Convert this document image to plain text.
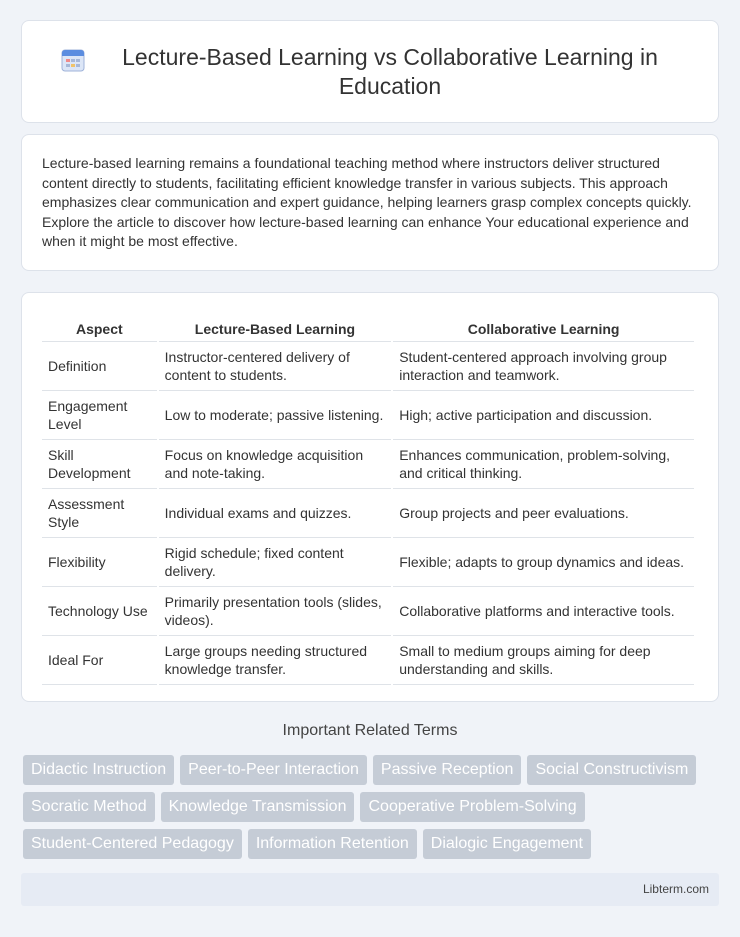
Lecture-Based Learning vs Collaborative Learning in Education

Lecture-based learning remains a foundational teaching method where instructors deliver structured content directly to students, facilitating efficient knowledge transfer in various subjects. This approach emphasizes clear communication and expert guidance, helping learners grasp complex concepts quickly. Explore the article to discover how lecture-based learning can enhance Your educational experience and when it might be most effective.

Aspect	Lecture-Based Learning	Collaborative Learning
Definition	Instructor-centered delivery of content to students.	Student-centered approach involving group interaction and teamwork.
Engagement Level	Low to moderate; passive listening.	High; active participation and discussion.
Skill Development	Focus on knowledge acquisition and note-taking.	Enhances communication, problem-solving, and critical thinking.
Assessment Style	Individual exams and quizzes.	Group projects and peer evaluations.
Flexibility	Rigid schedule; fixed content delivery.	Flexible; adapts to group dynamics and ideas.
Technology Use	Primarily presentation tools (slides, videos).	Collaborative platforms and interactive tools.
Ideal For	Large groups needing structured knowledge transfer.	Small to medium groups aiming for deep understanding and skills.
Important Related Terms
Didactic Instruction	Peer-to-Peer Interaction	Passive Reception	Social Constructivism
Socratic Method	Knowledge Transmission	Cooperative Problem-Solving
Student-Centered Pedagogy	Information Retention	Dialogic Engagement
Libterm.com
